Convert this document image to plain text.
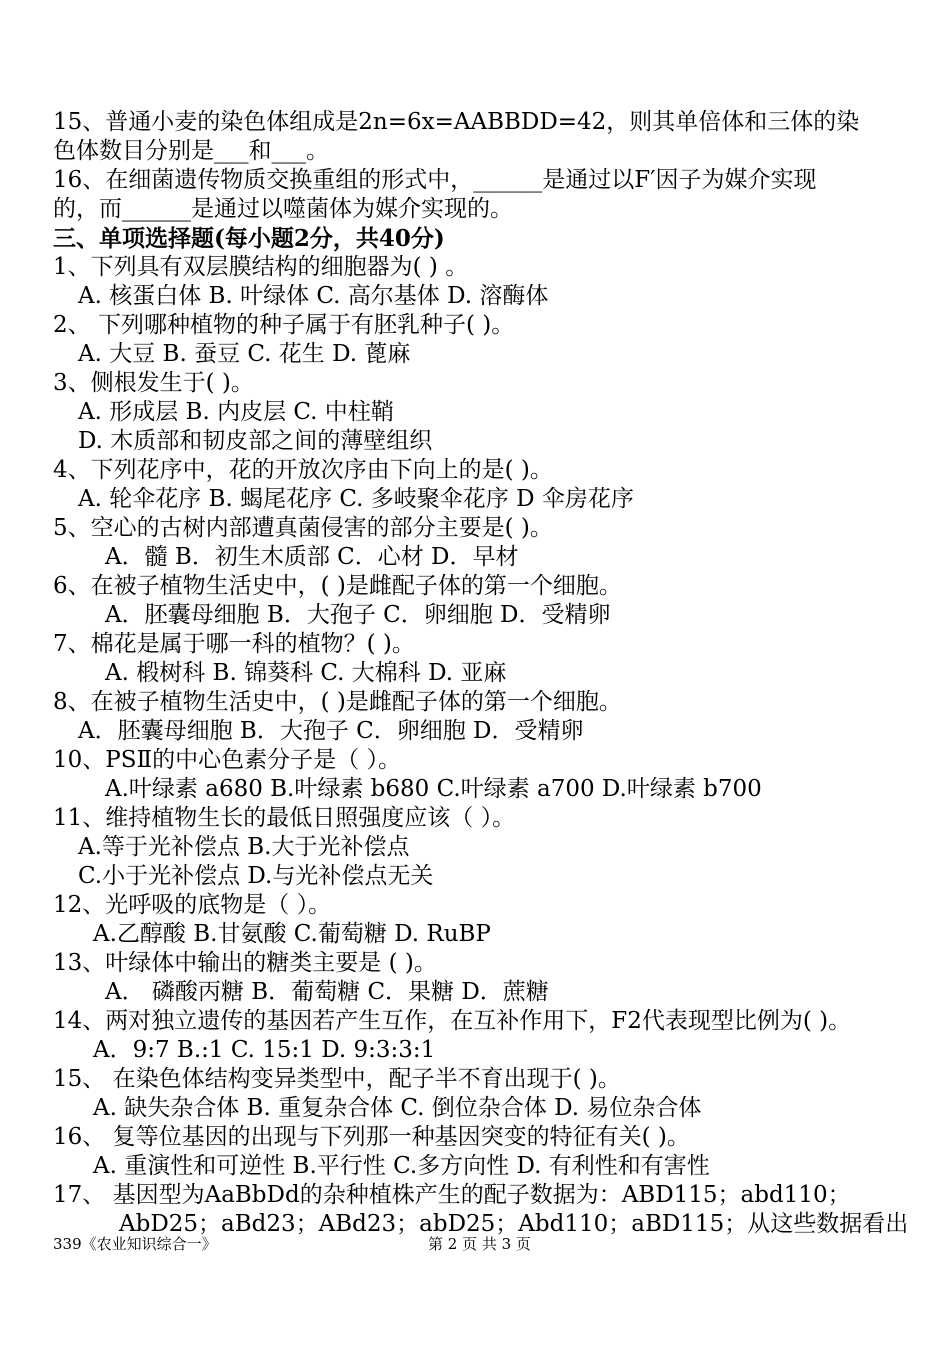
15、普通小麦的染色体组成是2n=6x=AABBDD=42，则其单倍体和三体的染
色体数目分别是___和___。
16、在细菌遗传物质交换重组的形式中，______是通过以F′因子为媒介实现
的，而______是通过以噬菌体为媒介实现的。
三、单项选择题(每小题2分，共40分)
1、下列具有双层膜结构的细胞器为( ) 。
A. 核蛋白体 B. 叶绿体 C. 高尔基体 D. 溶酶体
2、 下列哪种植物的种子属于有胚乳种子( )。
A. 大豆 B. 蚕豆 C. 花生 D. 蓖麻
3、侧根发生于( )。
A. 形成层 B. 内皮层 C. 中柱鞘
D. 木质部和韧皮部之间的薄壁组织
4、下列花序中，花的开放次序由下向上的是( )。
A. 轮伞花序 B. 蝎尾花序 C. 多岐聚伞花序 D 伞房花序
5、空心的古树内部遭真菌侵害的部分主要是( )。
A．髓 B．初生木质部 C．心材 D．早材
6、在被子植物生活史中，( )是雌配子体的第一个细胞。
A．胚囊母细胞 B．大孢子 C．卵细胞 D．受精卵
7、棉花是属于哪一科的植物？( )。
A. 椴树科 B. 锦葵科 C. 大棉科 D. 亚麻
8、在被子植物生活史中，( )是雌配子体的第一个细胞。
A．胚囊母细胞 B．大孢子 C．卵细胞 D．受精卵
10、PSⅡ的中心色素分子是（ ）。
A.叶绿素 a680 B.叶绿素 b680 C.叶绿素 a700 D.叶绿素 b700
11、维持植物生长的最低日照强度应该（ ）。
A.等于光补偿点 B.大于光补偿点
C.小于光补偿点 D.与光补偿点无关
12、光呼吸的底物是（ ）。
A.乙醇酸 B.甘氨酸 C.葡萄糖 D. RuBP
13、叶绿体中输出的糖类主要是 ( )。
A． 磷酸丙糖 B．葡萄糖 C．果糖 D．蔗糖
14、两对独立遗传的基因若产生互作，在互补作用下，F2代表现型比例为( )。
A．9:7 B.:1 C. 15:1 D. 9:3:3:1
15、 在染色体结构变异类型中，配子半不育出现于( )。
A. 缺失杂合体 B. 重复杂合体 C. 倒位杂合体 D. 易位杂合体
16、 复等位基因的出现与下列那一种基因突变的特征有关( )。
A. 重演性和可逆性 B.平行性 C.多方向性 D. 有利性和有害性
17、 基因型为AaBbDd的杂种植株产生的配子数据为：ABD115；abd110；
AbD25；aBd23；ABd23；abD25；Abd110；aBD115；从这些数据看出
339《农业知识综合一》	第 2 页 共 3 页
